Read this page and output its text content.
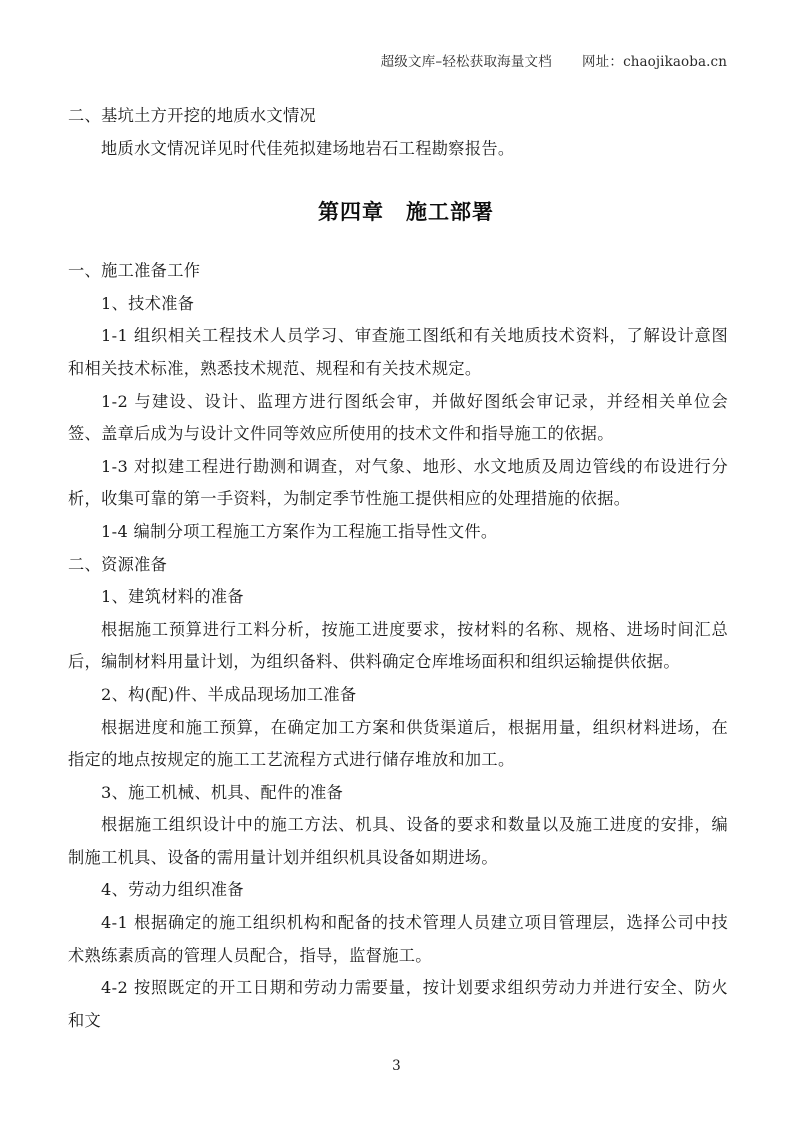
超级文库–轻松获取海量文档 网址： chaojikaoba.cn
二、基坑土方开挖的地质水文情况
地质水文情况详见时代佳苑拟建场地岩石工程勘察报告。
第四章 施工部署
一、施工准备工作
1、技术准备
1-1 组织相关工程技术人员学习、审查施工图纸和有关地质技术资料，了解设计意图和相关技术标准，熟悉技术规范、规程和有关技术规定。
1-2 与建设、设计、监理方进行图纸会审，并做好图纸会审记录，并经相关单位会签、盖章后成为与设计文件同等效应所使用的技术文件和指导施工的依据。
1-3 对拟建工程进行勘测和调查，对气象、地形、水文地质及周边管线的布设进行分析，收集可靠的第一手资料，为制定季节性施工提供相应的处理措施的依据。
1-4 编制分项工程施工方案作为工程施工指导性文件。
二、资源准备
1、建筑材料的准备
根据施工预算进行工料分析，按施工进度要求，按材料的名称、规格、进场时间汇总后，编制材料用量计划，为组织备料、供料确定仓库堆场面积和组织运输提供依据。
2、构(配)件、半成品现场加工准备
根据进度和施工预算，在确定加工方案和供货渠道后，根据用量，组织材料进场，在指定的地点按规定的施工工艺流程方式进行储存堆放和加工。
3、施工机械、机具、配件的准备
根据施工组织设计中的施工方法、机具、设备的要求和数量以及施工进度的安排，编制施工机具、设备的需用量计划并组织机具设备如期进场。
4、劳动力组织准备
4-1 根据确定的施工组织机构和配备的技术管理人员建立项目管理层，选择公司中技术熟练素质高的管理人员配合，指导，监督施工。
4-2 按照既定的开工日期和劳动力需要量，按计划要求组织劳动力并进行安全、防火和文
3
